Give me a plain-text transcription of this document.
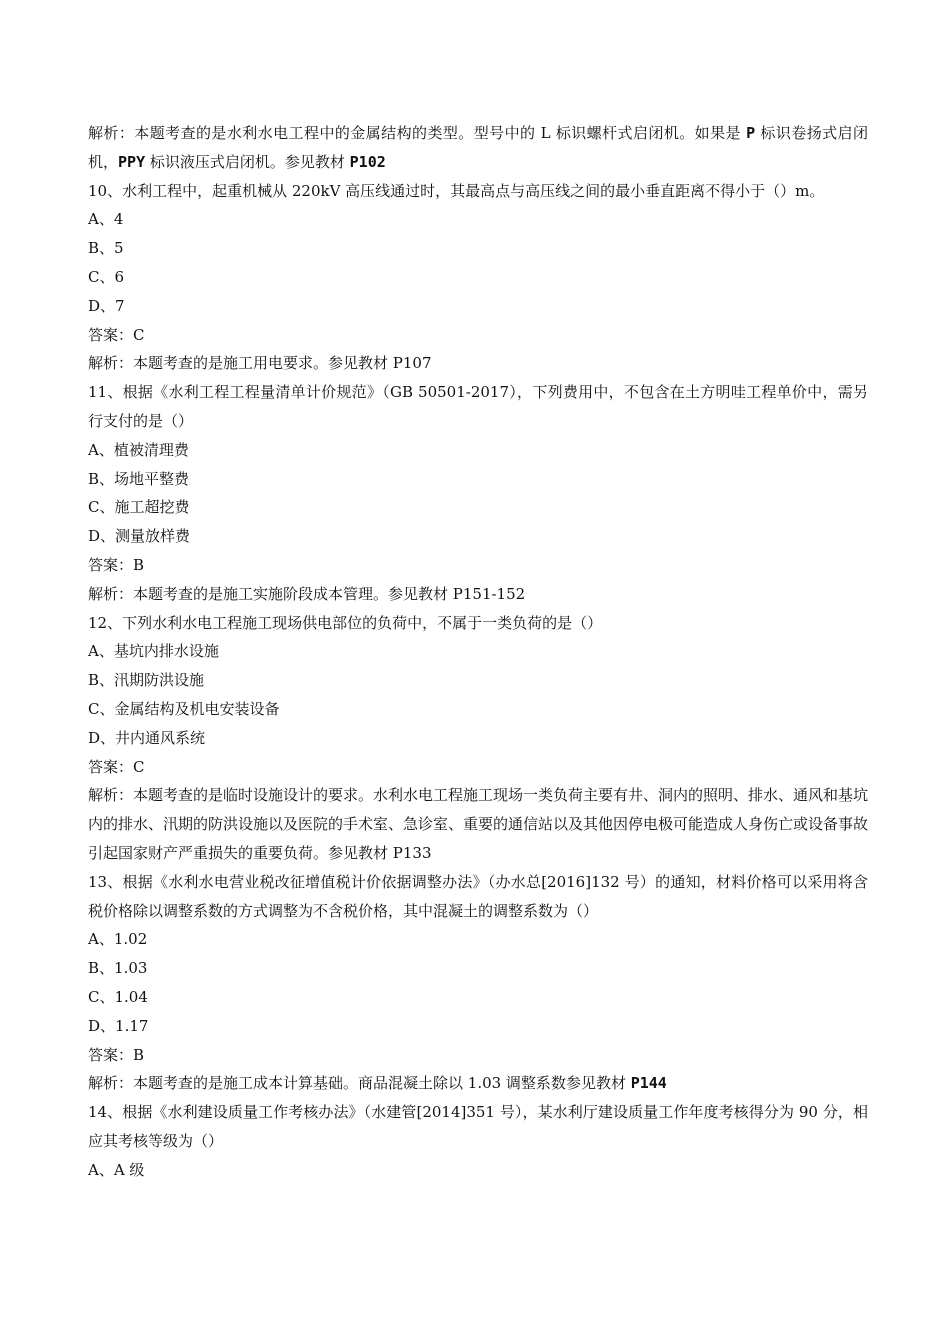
解析：本题考查的是水利水电工程中的金属结构的类型。型号中的 L 标识螺杆式启闭机。如果是 P 标识卷扬式启闭机，PPY 标识液压式启闭机。参见教材 P102
10、水利工程中，起重机械从 220kV 高压线通过时，其最高点与高压线之间的最小垂直距离不得小于（）m。
A、4
B、5
C、6
D、7
答案：C
解析：本题考查的是施工用电要求。参见教材 P107
11、根据《水利工程工程量清单计价规范》（GB 50501-2017），下列费用中，不包含在土方明哇工程单价中，需另行支付的是（）
A、植被清理费
B、场地平整费
C、施工超挖费
D、测量放样费
答案：B
解析：本题考查的是施工实施阶段成本管理。参见教材 P151-152
12、下列水利水电工程施工现场供电部位的负荷中，不属于一类负荷的是（）
A、基坑内排水设施
B、汛期防洪设施
C、金属结构及机电安装设备
D、井内通风系统
答案：C
解析：本题考查的是临时设施设计的要求。水利水电工程施工现场一类负荷主要有井、洞内的照明、排水、通风和基坑内的排水、汛期的防洪设施以及医院的手术室、急诊室、重要的通信站以及其他因停电极可能造成人身伤亡或设备事故引起国家财产严重损失的重要负荷。参见教材 P133
13、根据《水利水电营业税改征增值税计价依据调整办法》（办水总[2016]132 号）的通知，材料价格可以采用将含税价格除以调整系数的方式调整为不含税价格，其中混凝土的调整系数为（）
A、1.02
B、1.03
C、1.04
D、1.17
答案：B
解析：本题考查的是施工成本计算基础。商品混凝土除以 1.03 调整系数参见教材 P144
14、根据《水利建设质量工作考核办法》（水建管[2014]351 号），某水利厅建设质量工作年度考核得分为 90 分，相应其考核等级为（）
A、A 级
